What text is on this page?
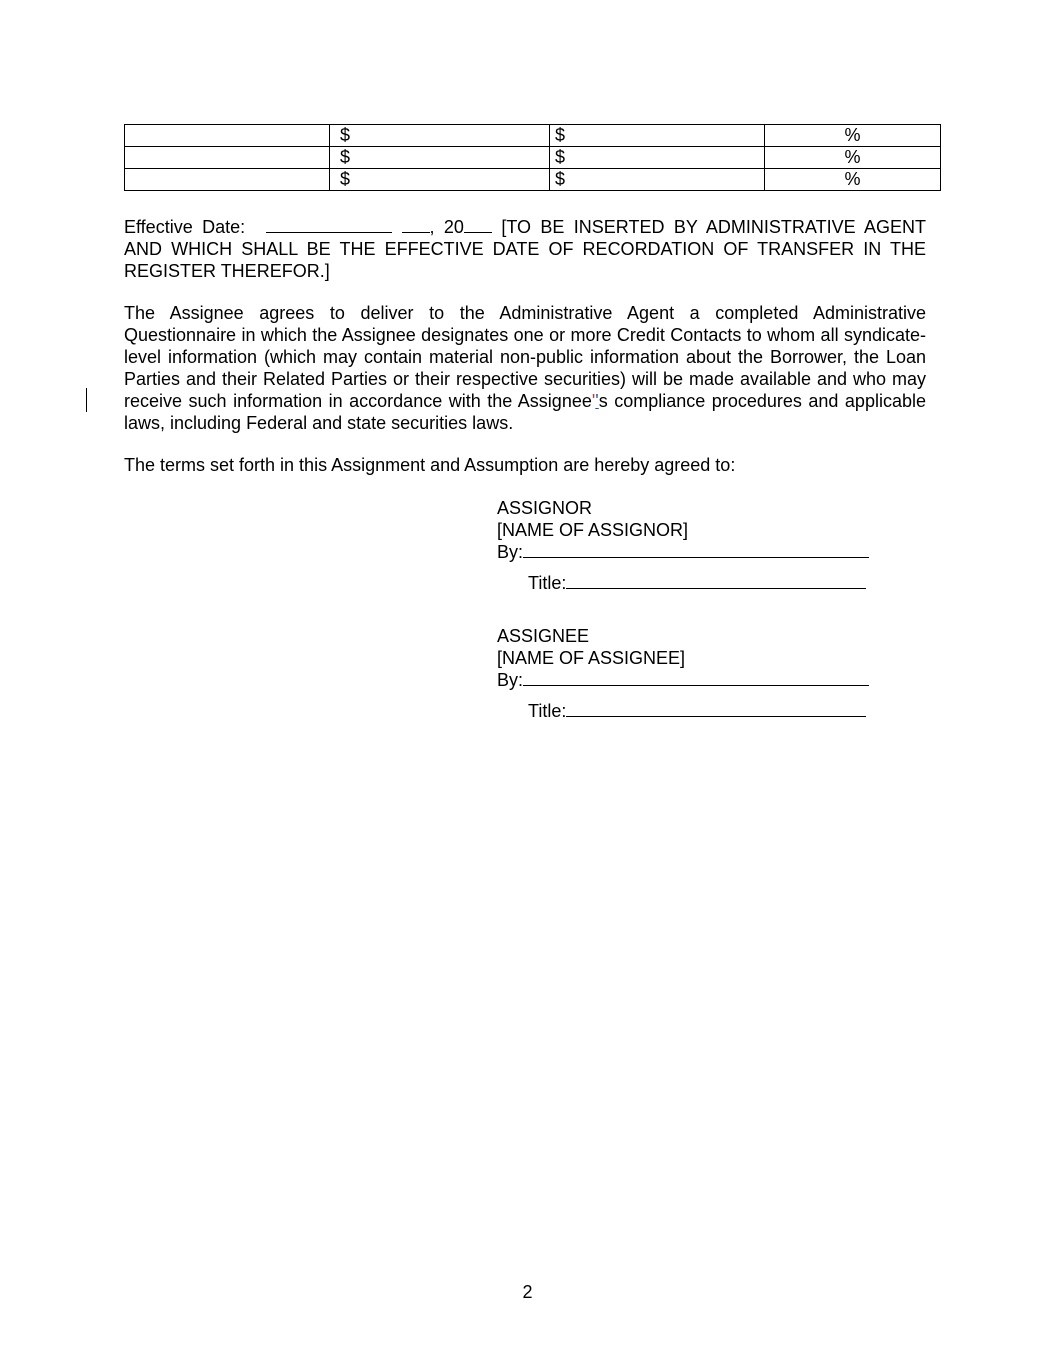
	$	$	%
	$	$	%
	$	$	%

Effective Date:	, 20 [TO BE INSERTED BY ADMINISTRATIVE AGENT AND WHICH SHALL BE THE EFFECTIVE DATE OF RECORDATION OF TRANSFER IN THE REGISTER THEREFOR.]

The Assignee agrees to deliver to the Administrative Agent a completed Administrative Questionnaire in which the Assignee designates one or more Credit Contacts to whom all syndicate-level information (which may contain material non-public information about the Borrower, the Loan Parties and their Related Parties or their respective securities) will be made available and who may receive such information in accordance with the Assignee''s compliance procedures and applicable laws, including Federal and state securities laws.

The terms set forth in this Assignment and Assumption are hereby agreed to:

ASSIGNOR
[NAME OF ASSIGNOR]
By:
Title:
ASSIGNEE
[NAME OF ASSIGNEE]
By:
Title:
2
